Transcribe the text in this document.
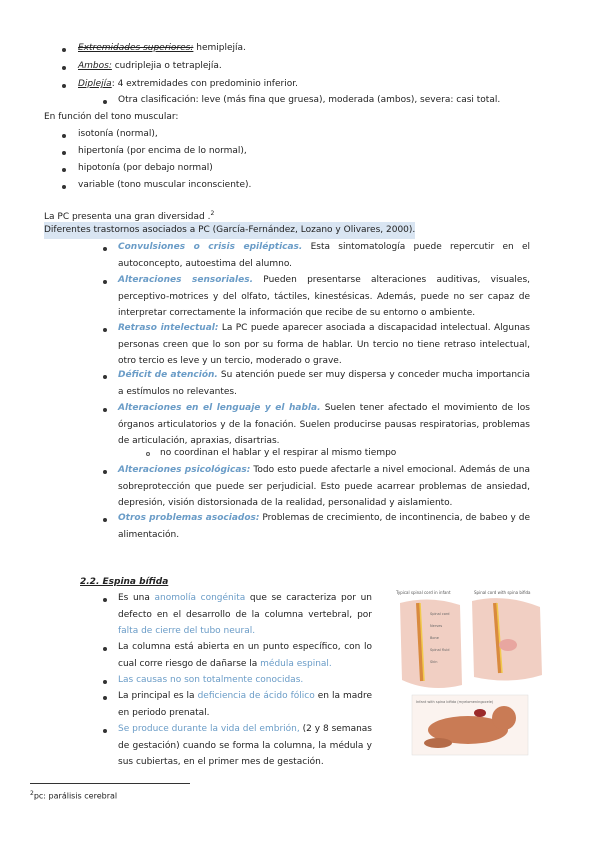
Extremidades superiores: hemiplejía.
Ambos: cudriplejia o tetraplejía.
Diplejía: 4 extremidades con predominio inferior.
Otra clasificación: leve (más fina que gruesa), moderada (ambos), severa: casi total.
En función del tono muscular:
isotonía (normal),
hipertonía (por encima de lo normal),
hipotonía (por debajo normal)
variable (tono muscular inconsciente).
La PC presenta una gran diversidad .$^2$
Diferentes trastornos asociados a PC (García-Fernández, Lozano y Olivares, 2000).
Convulsiones o crisis epilépticas. Esta sintomatología puede repercutir en el autoconcepto, autoestima del alumno.
Alteraciones sensoriales. Pueden presentarse alteraciones auditivas, visuales, perceptivo-motrices y del olfato, táctiles, kinestésicas. Además, puede no ser capaz de interpretar correctamente la información que recibe de su entorno o ambiente.
Retraso intelectual: La PC puede aparecer asociada a discapacidad intelectual. Algunas personas creen que lo son por su forma de hablar. Un tercio no tiene retraso intelectual, otro tercio es leve y un tercio, moderado o grave.
Déficit de atención. Su atención puede ser muy dispersa y conceder mucha importancia a estímulos no relevantes.
Alteraciones en el lenguaje y el habla. Suelen tener afectado el movimiento de los órganos articulatorios y de la fonación. Suelen producirse pausas respiratorias, problemas de articulación, apraxias, disartrias.
no coordinan el hablar y el respirar al mismo tiempo
Alteraciones psicológicas: Todo esto puede afectarle a nivel emocional. Además de una sobreprotección que puede ser perjudicial. Esto puede acarrear problemas de ansiedad, depresión, visión distorsionada de la realidad, personalidad y aislamiento.
Otros problemas asociados: Problemas de crecimiento, de incontinencia, de babeo y de alimentación.
2.2. Espina bífida
Es una anomolía congénita que se caracteriza por un defecto en el desarrollo de la columna vertebral, por falta de cierre del tubo neural.
La columna está abierta en un punto específico, con lo cual corre riesgo de dañarse la médula espinal.
Las causas no son totalmente conocidas.
La principal es la deficiencia de ácido fólico en la madre en periodo prenatal.
Se produce durante la vida del embrión, (2 y 8 semanas de gestación) cuando se forma la columna, la médula y sus cubiertas, en el primer mes de gestación.
Typical spinal cord in infant	Spinal cord with spina bifida
Spinal cord
Nerves
Bone
Spinal fluid
Skin
Infant with spina bifida (myelomeningocele)
$^2$pc: parálisis cerebral
